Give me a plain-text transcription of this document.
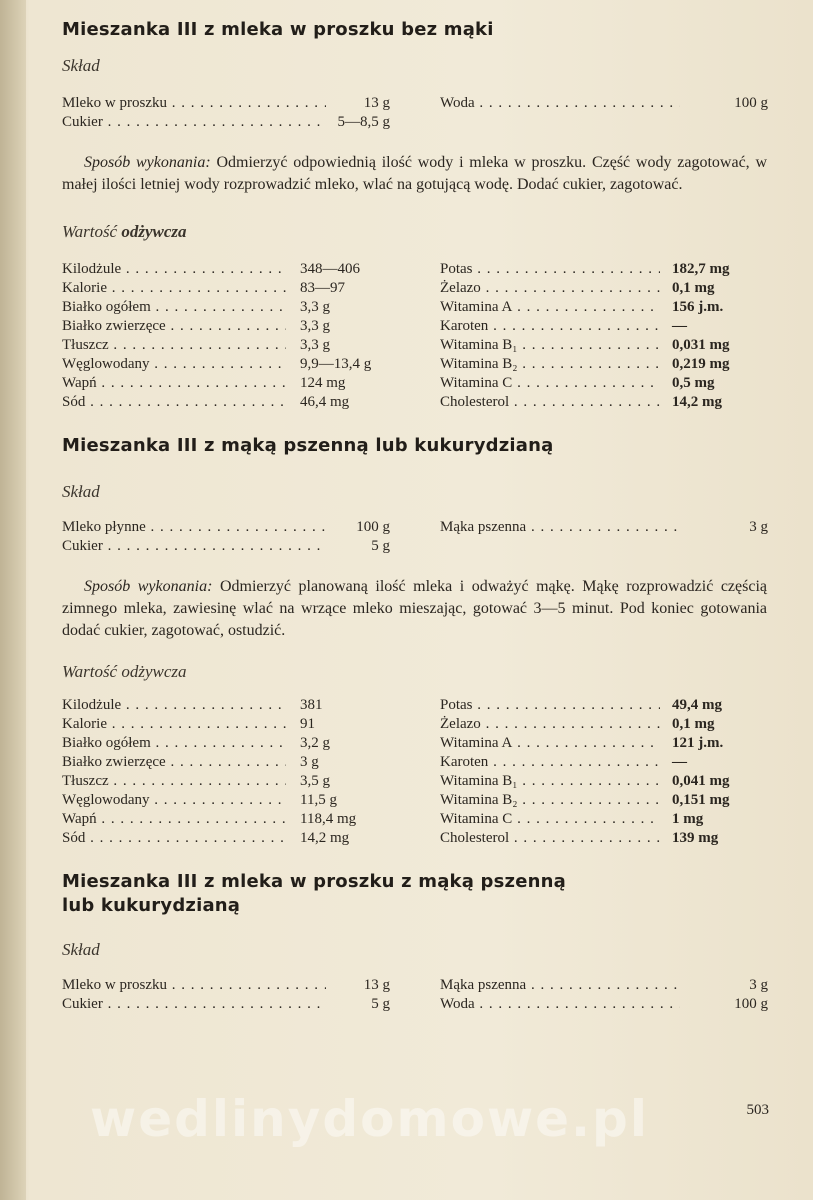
Mieszanka III z mleka w proszku bez mąki

Skład

Mleko w proszku . . .	13 g
Cukier . . .	5—8,5 g
Woda . . .	100 g

Sposób wykonania: Odmierzyć odpowiednią ilość wody i mleka w proszku. Część wody zagotować, w małej ilości letniej wody rozprowadzić mleko, wlać na gotującą wodę. Dodać cukier, zagotować.

Wartość odżywcza

Kilodżule . . .	348—406
Kalorie . . .	83—97
Białko ogółem . . .	3,3 g
Białko zwierzęce . . .	3,3 g
Tłuszcz . . .	3,3 g
Węglowodany . . .	9,9—13,4 g
Wapń . . .	124 mg
Sód . . .	46,4 mg
Potas . . .	182,7 mg
Żelazo . . .	0,1 mg
Witamina A . . .	156 j.m.
Karoten . . .	—
Witamina B₁ . . .	0,031 mg
Witamina B₂ . . .	0,219 mg
Witamina C . . .	0,5 mg
Cholesterol . . .	14,2 mg
Mieszanka III z mąką pszenną lub kukurydzianą

Skład

Mleko płynne . . .	100 g
Cukier . . .	5 g
Mąka pszenna . . .	3 g

Sposób wykonania: Odmierzyć planowaną ilość mleka i odważyć mąkę. Mąkę rozprowadzić częścią zimnego mleka, zawiesinę wlać na wrzące mleko mieszając, gotować 3—5 minut. Pod koniec gotowania dodać cukier, zagotować, ostudzić.

Wartość odżywcza

Kilodżule . . .	381
Kalorie . . .	91
Białko ogółem . . .	3,2 g
Białko zwierzęce . . .	3 g
Tłuszcz . . .	3,5 g
Węglowodany . . .	11,5 g
Wapń . . .	118,4 mg
Sód . . .	14,2 mg
Potas . . .	49,4 mg
Żelazo . . .	0,1 mg
Witamina A . . .	121 j.m.
Karoten . . .	—
Witamina B₁ . . .	0,041 mg
Witamina B₂ . . .	0,151 mg
Witamina C . . .	1 mg
Cholesterol . . .	139 mg
Mieszanka III z mleka w proszku z mąką pszenną
lub kukurydzianą

Skład

Mleko w proszku . . .	13 g
Cukier . . .	5 g
Mąka pszenna . . .	3 g
Woda . . .	100 g
wedlinydomowe.pl	503
